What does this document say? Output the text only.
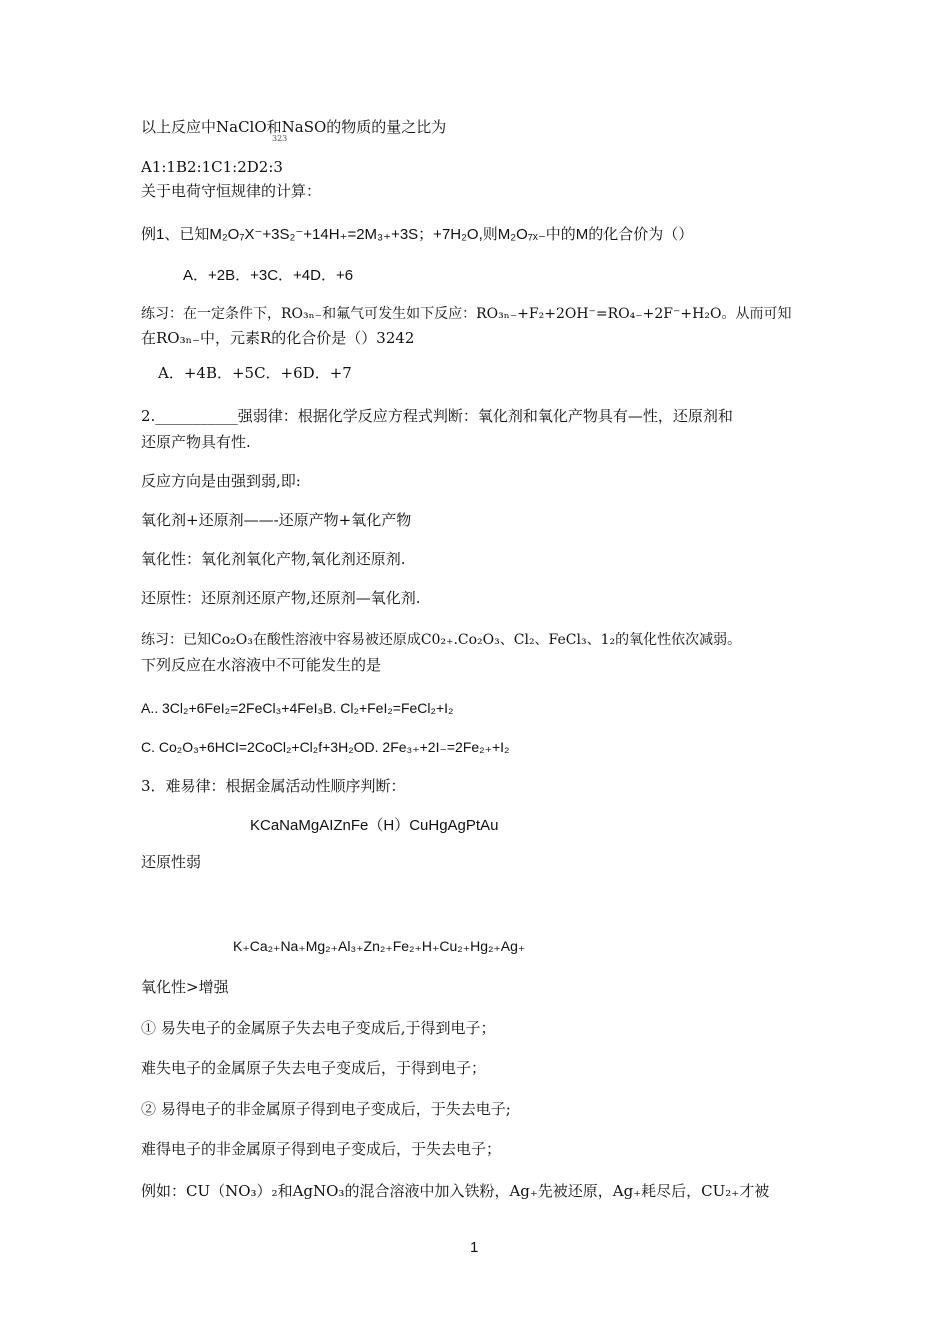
以上反应中NaClO和NaSO的物质的量之比为
323
A1:1B2:1C1:2D2:3
关于电荷守恒规律的计算：
例1、已知M₂O₇X⁻+3S₂⁻+14H₊=2M₃₊+3S；+7H₂O,则M₂O₇ₓ₋中的M的化合价为（）
A．+2B．+3C．+4D．+6
练习：在一定条件下，RO₃ₙ₋和氟气可发生如下反应：RO₃ₙ₋+F₂+2OH⁻=RO₄₋+2F⁻+H₂O。从而可知
在RO₃ₙ₋中，元素R的化合价是（）3242
A．+4B．+5C．+6D．+7
2.___________强弱律：根据化学反应方程式判断：氧化剂和氧化产物具有—性，还原剂和
还原产物具有性.
反应方向是由强到弱,即:
氧化剂+还原剂——-还原产物+氧化产物
氧化性：氧化剂氧化产物,氧化剂还原剂.
还原性：还原剂还原产物,还原剂—氧化剂.
练习：已知Co₂O₃在酸性溶液中容易被还原成C0₂₊.Co₂O₃、Cl₂、FeCl₃、1₂的氧化性依次减弱。
下列反应在水溶液中不可能发生的是
A.. 3Cl₂+6FeI₂=2FeCl₃+4FeI₃B. Cl₂+FeI₂=FeCl₂+I₂
C. Co₂O₃+6HCI=2CoCl₂+Cl₂f+3H₂OD. 2Fe₃₊+2I₋=2Fe₂₊+I₂
3．难易律：根据金属活动性顺序判断：
KCaNaMgAIZnFe（H）CuHgAgPtAu
还原性弱
K₊Ca₂₊Na₊Mg₂₊Al₃₊Zn₂₊Fe₂₊H₊Cu₂₊Hg₂₊Ag₊
氧化性>增强
① 易失电子的金属原子失去电子变成后,于得到电子；
难失电子的金属原子失去电子变成后，于得到电子；
② 易得电子的非金属原子得到电子变成后，于失去电子;
难得电子的非金属原子得到电子变成后，于失去电子；
例如：CU（NO₃）₂和AgNO₃的混合溶液中加入铁粉，Ag₊先被还原，Ag₊耗尽后，CU₂₊才被
1
